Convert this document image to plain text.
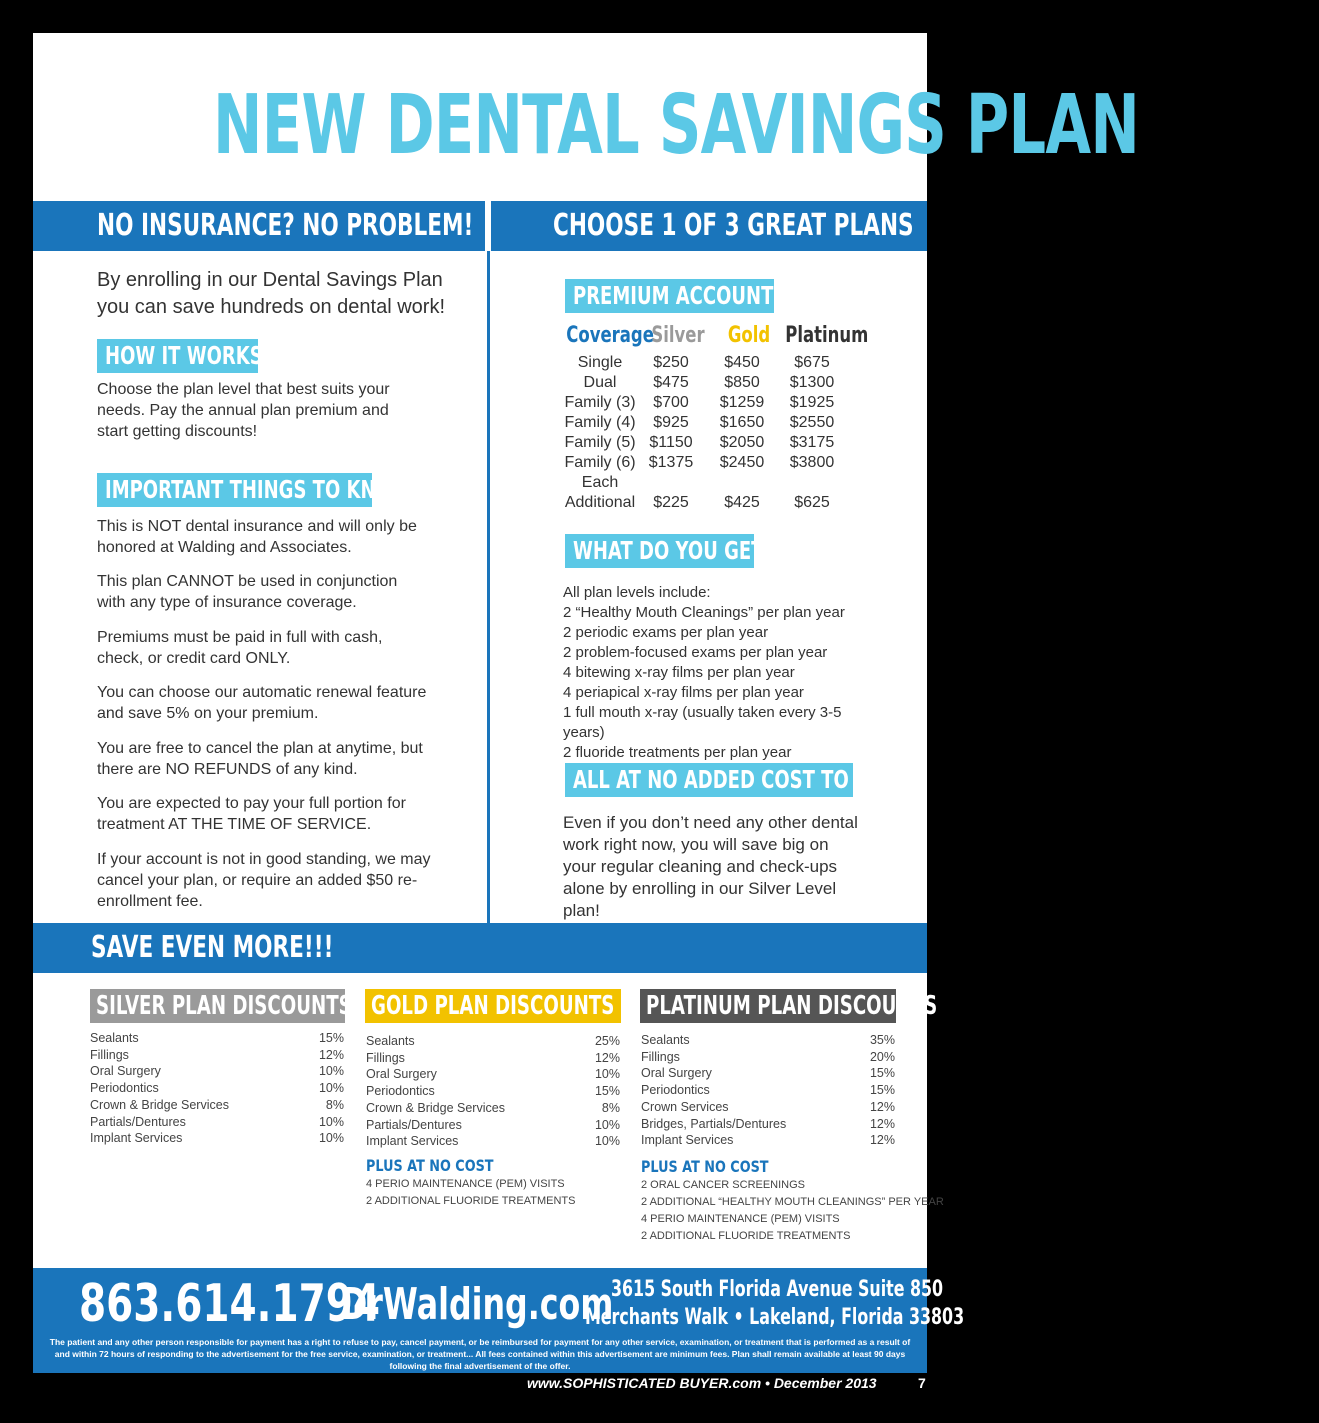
NEW DENTAL SAVINGS PLAN
NO INSURANCE? NO PROBLEM!	CHOOSE 1 OF 3 GREAT PLANS
By enrolling in our Dental Savings Plan you can save hundreds on dental work!
HOW IT WORKS
Choose the plan level that best suits your needs. Pay the annual plan premium and start getting discounts!
IMPORTANT THINGS TO KNOW
This is NOT dental insurance and will only be honored at Walding and Associates.
This plan CANNOT be used in conjunction with any type of insurance coverage.
Premiums must be paid in full with cash, check, or credit card ONLY.
You can choose our automatic renewal feature and save 5% on your premium.
You are free to cancel the plan at anytime, but there are NO REFUNDS of any kind.
You are expected to pay your full portion for treatment AT THE TIME OF SERVICE.
If your account is not in good standing, we may cancel your plan, or require an added $50 re-enrollment fee.
PREMIUM ACCOUNTS
Coverage
Silver	Gold Platinum
Single	$250	$450	$675
Dual	$475	$850	$1300
Family (3)	$700	$1259	$1925
Family (4)	$925	$1650	$2550
Family (5) $1150	$2050	$3175
Family (6) $1375	$2450	$3800
Each
Additional	$225	$425	$625
WHAT DO YOU GET?
All plan levels include:
2 “Healthy Mouth Cleanings” per plan year
2 periodic exams per plan year
2 problem-focused exams per plan year
4 bitewing x-ray films per plan year
4 periapical x-ray films per plan year
1 full mouth x-ray (usually taken every 3-5 years)
2 fluoride treatments per plan year
ALL AT NO ADDED COST TO YOU
Even if you don’t need any other dental work right now, you will save big on your regular cleaning and check-ups alone by enrolling in our Silver Level plan!
SAVE EVEN MORE!!!
SILVER PLAN DISCOUNTS GOLD PLAN DISCOUNTS PLATINUM PLAN DISCOUNTS
Sealants	15%
Fillings	12%
Oral Surgery	10%
Periodontics	10%
Crown & Bridge Services	8%
Partials/Dentures	10%
Implant Services	10%
Sealants	25%
Fillings	12%
Oral Surgery	10%
Periodontics	15%
Crown & Bridge Services	8%
Partials/Dentures	10%
Implant Services	10%
Sealants	35%
Fillings	20%
Oral Surgery	15%
Periodontics	15%
Crown Services	12%
Bridges, Partials/Dentures	12%
Implant Services	12%
PLUS AT NO COST
4 PERIO MAINTENANCE (PEM) VISITS
2 ADDITIONAL FLUORIDE TREATMENTS
PLUS AT NO COST
2 ORAL CANCER SCREENINGS
2 ADDITIONAL “HEALTHY MOUTH CLEANINGS” PER YEAR
4 PERIO MAINTENANCE (PEM) VISITS
2 ADDITIONAL FLUORIDE TREATMENTS
863.614.1794
DrWalding.com
3615 South Florida Avenue Suite 850
Merchants Walk • Lakeland, Florida 33803
The patient and any other person responsible for payment has a right to refuse to pay, cancel payment, or be reimbursed for payment for any other service, examination, or treatment that is performed as a result of and within 72 hours of responding to the advertisement for the free service, examination, or treatment... All fees contained within this advertisement are minimum fees. Plan shall remain available at least 90 days following the final advertisement of the offer.
www.SOPHISTICATED BUYER.com • December 2013	7
